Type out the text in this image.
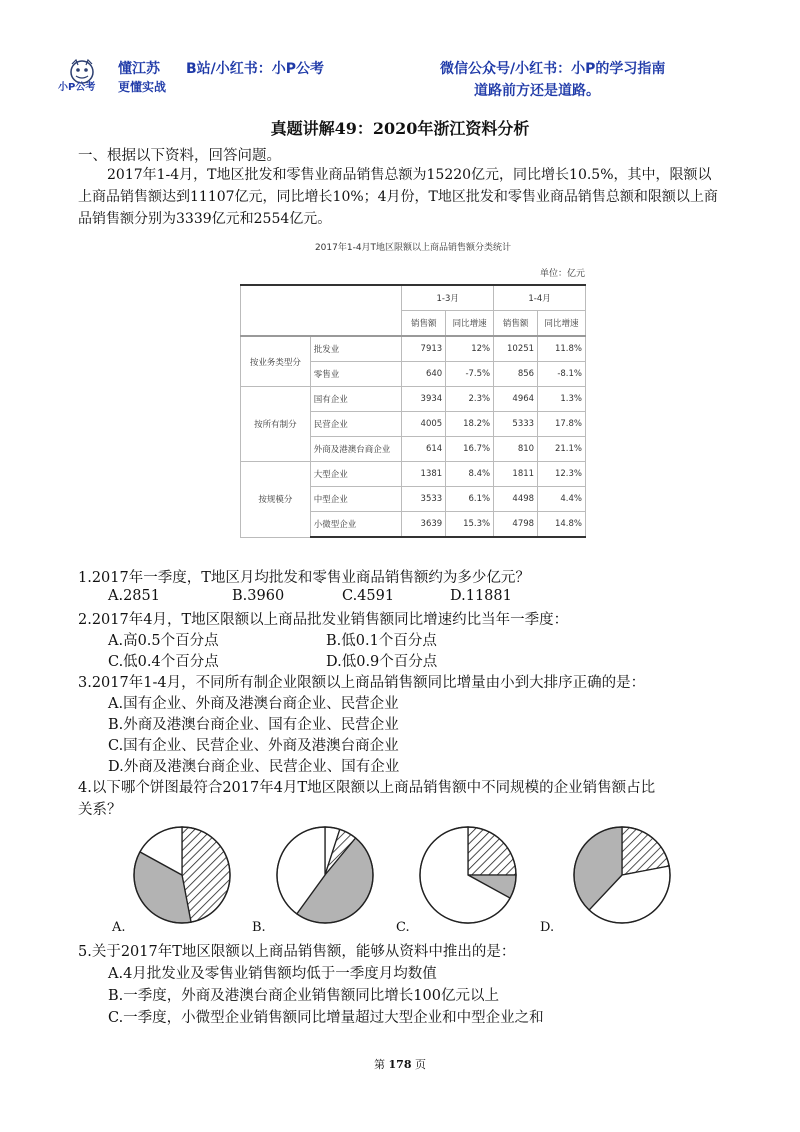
小P公考
懂江苏
更懂实战
B站/小红书：小P公考	微信公众号/小红书：小P的学习指南
道路前方还是道路。
真题讲解49：2020年浙江资料分析
一、根据以下资料，回答问题。
2017年1-4月，T地区批发和零售业商品销售总额为15220亿元，同比增长10.5%，其中，限额以上商品销售额达到11107亿元，同比增长10%；4月份，T地区批发和零售业商品销售总额和限额以上商品销售额分别为3339亿元和2554亿元。
2017年1-4月T地区限额以上商品销售额分类统计
单位：亿元
		1-3月		1-4月	
		销售额	同比增速	销售额	同比增速
按业务类型分	批发业	7913	12%	10251	11.8%
	零售业	640	-7.5%	856	-8.1%
按所有制分	国有企业	3934	2.3%	4964	1.3%
	民营企业	4005	18.2%	5333	17.8%
	外商及港澳台商企业	614	16.7%	810	21.1%
按规模分	大型企业	1381	8.4%	1811	12.3%
	中型企业	3533	6.1%	4498	4.4%
	小微型企业	3639	15.3%	4798	14.8%
1.2017年一季度，T地区月均批发和零售业商品销售额约为多少亿元？
A.2851	B.3960	C.4591	D.11881
2.2017年4月，T地区限额以上商品批发业销售额同比增速约比当年一季度：
A.高0.5个百分点	B.低0.1个百分点
C.低0.4个百分点	D.低0.9个百分点
3.2017年1-4月，不同所有制企业限额以上商品销售额同比增量由小到大排序正确的是：
A.国有企业、外商及港澳台商企业、民营企业
B.外商及港澳台商企业、国有企业、民营企业
C.国有企业、民营企业、外商及港澳台商企业
D.外商及港澳台商企业、民营企业、国有企业
4.以下哪个饼图最符合2017年4月T地区限额以上商品销售额中不同规模的企业销售额占比
关系？
A.	B.	C.	D.
5.关于2017年T地区限额以上商品销售额，能够从资料中推出的是：
A.4月批发业及零售业销售额均低于一季度月均数值
B.一季度，外商及港澳台商企业销售额同比增长100亿元以上
C.一季度，小微型企业销售额同比增量超过大型企业和中型企业之和
第 178 页
